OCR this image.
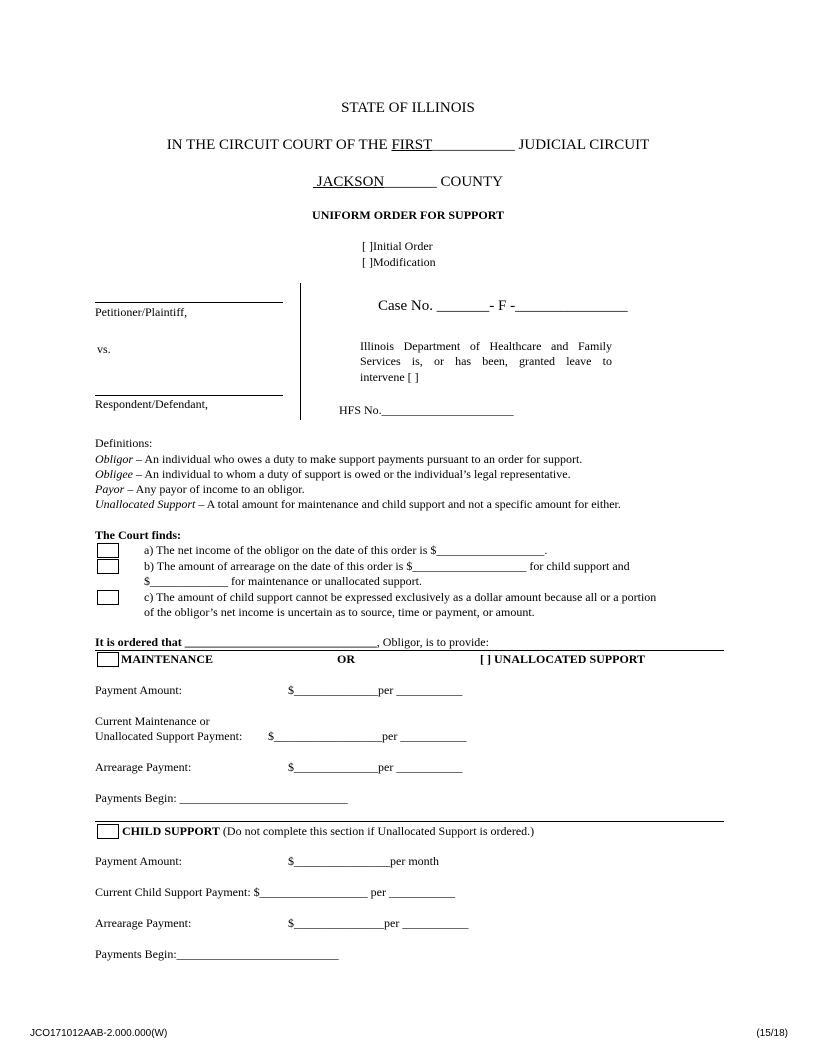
STATE OF ILLINOIS
IN THE CIRCUIT COURT OF THE FIRST___________ JUDICIAL CIRCUIT
JACKSON_______ COUNTY
UNIFORM ORDER FOR SUPPORT
[ ]Initial Order
[ ]Modification
Petitioner/Plaintiff,
vs.
Respondent/Defendant,
Case No. _______- F -_______________
Illinois Department of Healthcare and Family
Services is, or has been, granted leave to
intervene [ ]
HFS No.______________________
Definitions:
Obligor – An individual who owes a duty to make support payments pursuant to an order for support.
Obligee – An individual to whom a duty of support is owed or the individual’s legal representative.
Payor – Any payor of income to an obligor.
Unallocated Support – A total amount for maintenance and child support and not a specific amount for either.
The Court finds:
a) The net income of the obligor on the date of this order is $__________________.
b) The amount of arrearage on the date of this order is $___________________ for child support and
$_____________ for maintenance or unallocated support.
c) The amount of child support cannot be expressed exclusively as a dollar amount because all or a portion
of the obligor’s net income is uncertain as to source, time or payment, or amount.
It is ordered that ________________________________, Obligor, is to provide:
MAINTENANCE	OR	[ ] UNALLOCATED SUPPORT
Payment Amount:	$______________per ___________
Current Maintenance or
Unallocated Support Payment: $__________________per ___________
Arrearage Payment:	$______________per ___________
Payments Begin: ____________________________
CHILD SUPPORT (Do not complete this section if Unallocated Support is ordered.)
Payment Amount:	$________________per month
Current Child Support Payment: $__________________ per ___________
Arrearage Payment:	$_______________per ___________
Payments Begin:___________________________
JCO171012AAB-2.000.000(W)	(15/18)
